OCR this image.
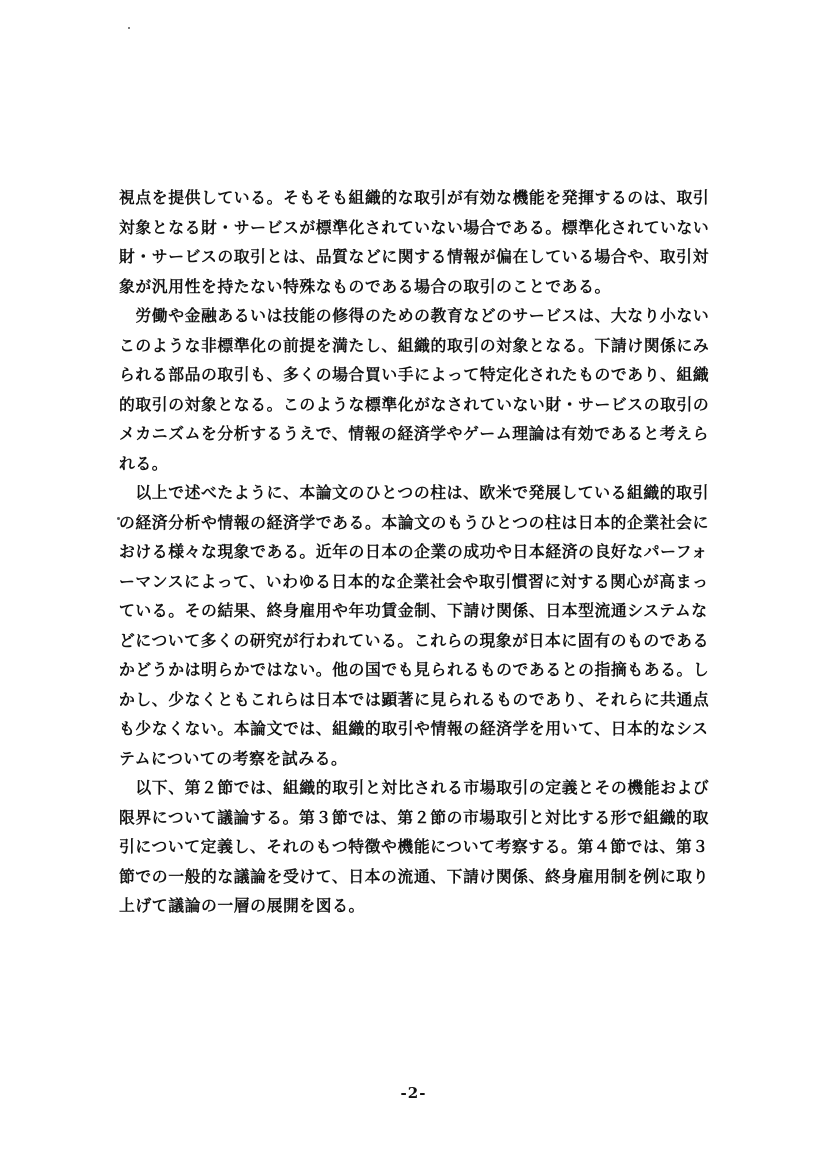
視点を提供している。そもそも組織的な取引が有効な機能を発揮するのは、取引
対象となる財・サービスが標準化されていない場合である。標準化されていない
財・サービスの取引とは、品質などに関する情報が偏在している場合や、取引対
象が汎用性を持たない特殊なものである場合の取引のことである。
　労働や金融あるいは技能の修得のための教育などのサービスは、大なり小ない
このような非標準化の前提を満たし、組織的取引の対象となる。下請け関係にみ
られる部品の取引も、多くの場合買い手によって特定化されたものであり、組織
的取引の対象となる。このような標準化がなされていない財・サービスの取引の
メカニズムを分析するうえで、情報の経済学やゲーム理論は有効であると考えら
れる。
　以上で述べたように、本論文のひとつの柱は、欧米で発展している組織的取引
の経済分析や情報の経済学である。本論文のもうひとつの柱は日本的企業社会に
おける様々な現象である。近年の日本の企業の成功や日本経済の良好なパーフォ
ーマンスによって、いわゆる日本的な企業社会や取引慣習に対する関心が高まっ
ている。その結果、終身雇用や年功賃金制、下請け関係、日本型流通システムな
どについて多くの研究が行われている。これらの現象が日本に固有のものである
かどうかは明らかではない。他の国でも見られるものであるとの指摘もある。し
かし、少なくともこれらは日本では顕著に見られるものであり、それらに共通点
も少なくない。本論文では、組織的取引や情報の経済学を用いて、日本的なシス
テムについての考察を試みる。
　以下、第２節では、組織的取引と対比される市場取引の定義とその機能および
限界について議論する。第３節では、第２節の市場取引と対比する形で組織的取
引について定義し、それのもつ特徴や機能について考察する。第４節では、第３
節での一般的な議論を受けて、日本の流通、下請け関係、終身雇用制を例に取り
上げて議論の一層の展開を図る。
-2-
